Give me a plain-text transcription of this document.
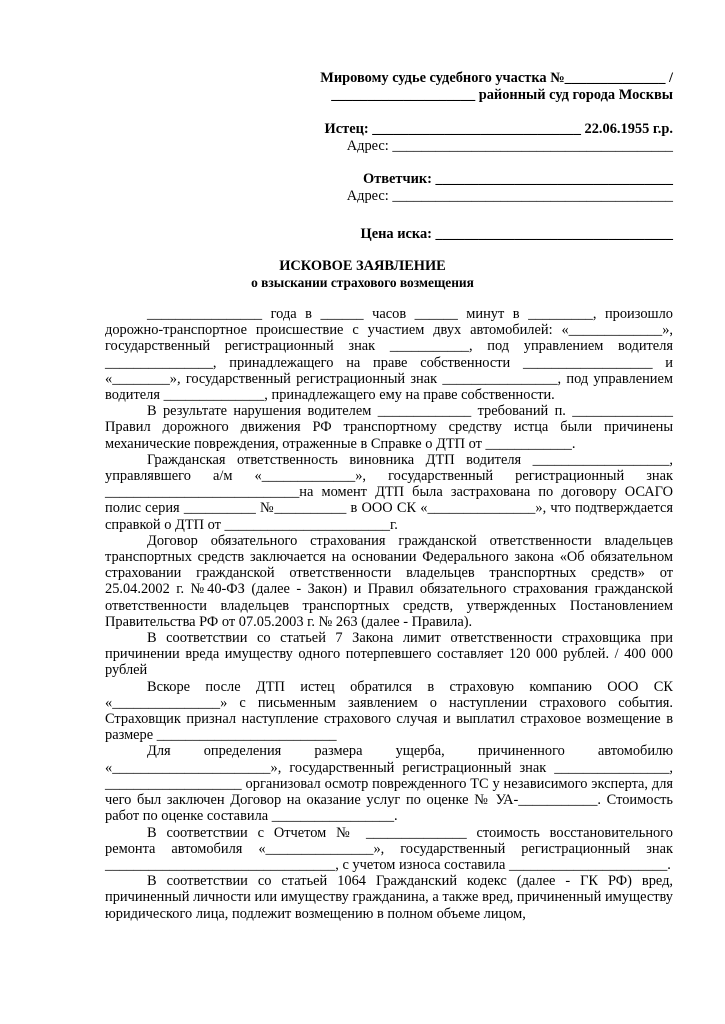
Мировому судье судебного участка №______________ /
____________________ районный суд города Москвы
Истец: _____________________________ 22.06.1955 г.р.
Адрес: _______________________________________
Ответчик: _________________________________
Адрес: _______________________________________
Цена иска: _________________________________
ИСКОВОЕ ЗАЯВЛЕНИЕ
о взыскании страхового возмещения

________________ года в ______ часов ______ минут в _________, произошло дорожно-транспортное происшествие с участием двух автомобилей: «_____________», государственный регистрационный знак ___________, под управлением водителя _______________, принадлежащего на праве собственности __________________ и «________», государственный регистрационный знак ________________, под управлением водителя ______________, принадлежащего ему на праве собственности.

В результате нарушения водителем _____________ требований п. ______________ Правил дорожного движения РФ транспортному средству истца были причинены механические повреждения, отраженные в Справке о ДТП от ____________.

Гражданская ответственность виновника ДТП водителя ___________________, управлявшего а/м «_____________», государственный регистрационный знак ___________________________на момент ДТП была застрахована по договору ОСАГО полис серия __________ №__________ в ООО СК «_______________», что подтверждается справкой о ДТП от _______________________г.

Договор обязательного страхования гражданской ответственности владельцев транспортных средств заключается на основании Федерального закона «Об обязательном страховании гражданской ответственности владельцев транспортных средств» от 25.04.2002 г. №40-ФЗ (далее - Закон) и Правил обязательного страхования гражданской ответственности владельцев транспортных средств, утвержденных Постановлением Правительства РФ от 07.05.2003 г. № 263 (далее - Правила).

В соответствии со статьей 7 Закона лимит ответственности страховщика при причинении вреда имуществу одного потерпевшего составляет 120 000 рублей. / 400 000 рублей

Вскоре после ДТП истец обратился в страховую компанию ООО СК «_______________» с письменным заявлением о наступлении страхового события. Страховщик признал наступление страхового случая и выплатил страховое возмещение в размере _________________________

Для определения размера ущерба, причиненного автомобилю «______________________», государственный регистрационный знак ________________, ___________________ организовал осмотр поврежденного ТС у независимого эксперта, для чего был заключен Договор на оказание услуг по оценке № УА-___________. Стоимость работ по оценке составила _________________.

В соответствии с Отчетом № ______________ стоимость восстановительного ремонта автомобиля «_______________», государственный регистрационный знак ________________________________, с учетом износа составила ______________________.

В соответствии со статьей 1064 Гражданский кодекс (далее - ГК РФ) вред, причиненный личности или имуществу гражданина, а также вред, причиненный имуществу юридического лица, подлежит возмещению в полном объеме лицом,
